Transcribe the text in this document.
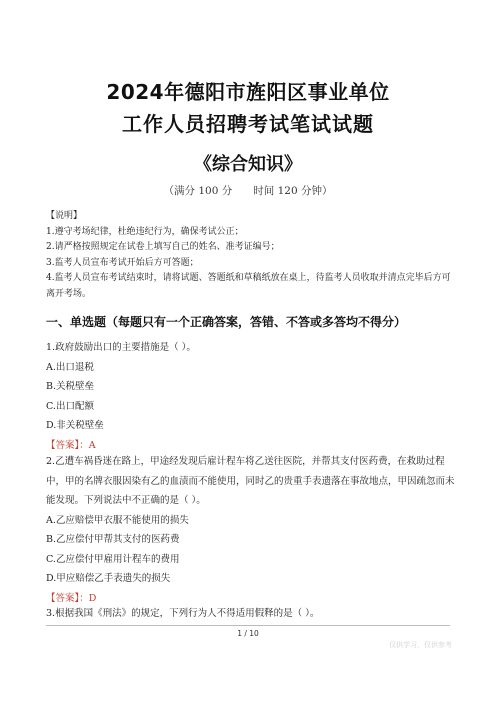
2024年德阳市旌阳区事业单位
工作人员招聘考试笔试试题
《综合知识》
（满分 100 分　　时间 120 分钟）
【说明】
1.遵守考场纪律，杜绝违纪行为，确保考试公正；
2.请严格按照规定在试卷上填写自己的姓名、准考证编号；
3.监考人员宣布考试开始后方可答题；
4.监考人员宣布考试结束时，请将试题、答题纸和草稿纸放在桌上，待监考人员收取并清点完毕后方可离开考场。
一、单选题（每题只有一个正确答案，答错、不答或多答均不得分）
1.政府鼓励出口的主要措施是（ ）。
A.出口退税
B.关税壁垒
C.出口配额
D.非关税壁垒
【答案】：A
2.乙遭车祸昏迷在路上，甲途经发现后雇计程车将乙送往医院，并帮其支付医药费，在救助过程中，甲的名牌衣服因染有乙的血渍而不能使用，同时乙的贵重手表遗落在事故地点，甲因疏忽而未能发现。下列说法中不正确的是（ ）。
A.乙应赔偿甲衣服不能使用的损失
B.乙应偿付甲帮其支付的医药费
C.乙应偿付甲雇用计程车的费用
D.甲应赔偿乙手表遗失的损失
【答案】：D
3.根据我国《刑法》的规定，下列行为人不得适用假释的是（ ）。
1 / 10
仅供学习，仅供参考
